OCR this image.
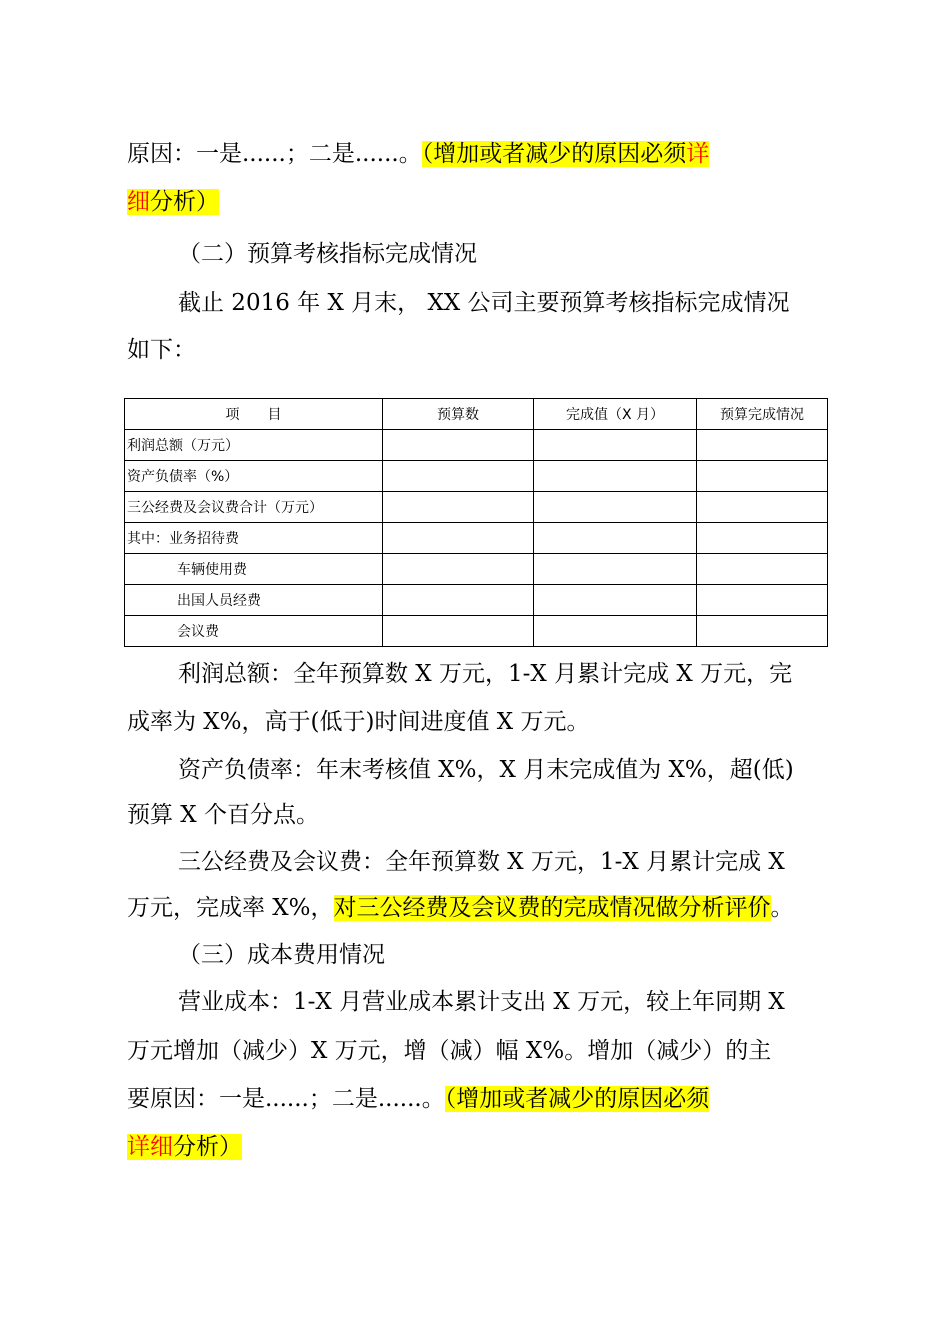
原因：一是......；二是......。（增加或者减少的原因必须详
细分析）
（二）预算考核指标完成情况
截止 2016 年 X 月末， XX 公司主要预算考核指标完成情况
如下：
项　　目	预算数	完成值（X 月）	预算完成情况
利润总额（万元）			
资产负债率（%）			
三公经费及会议费合计（万元）			
其中：业务招待费			
车辆使用费			
出国人员经费			
会议费			
利润总额：全年预算数 X 万元，1-X 月累计完成 X 万元，完
成率为 X%，高于(低于)时间进度值 X 万元。
资产负债率：年末考核值 X%，X 月末完成值为 X%，超(低)
预算 X 个百分点。
三公经费及会议费：全年预算数 X 万元，1-X 月累计完成 X
万元，完成率 X%，对三公经费及会议费的完成情况做分析评价。
（三）成本费用情况
营业成本：1-X 月营业成本累计支出 X 万元，较上年同期 X
万元增加（减少）X 万元，增（减）幅 X%。增加（减少）的主
要原因：一是......；二是......。（增加或者减少的原因必须
详细分析）
